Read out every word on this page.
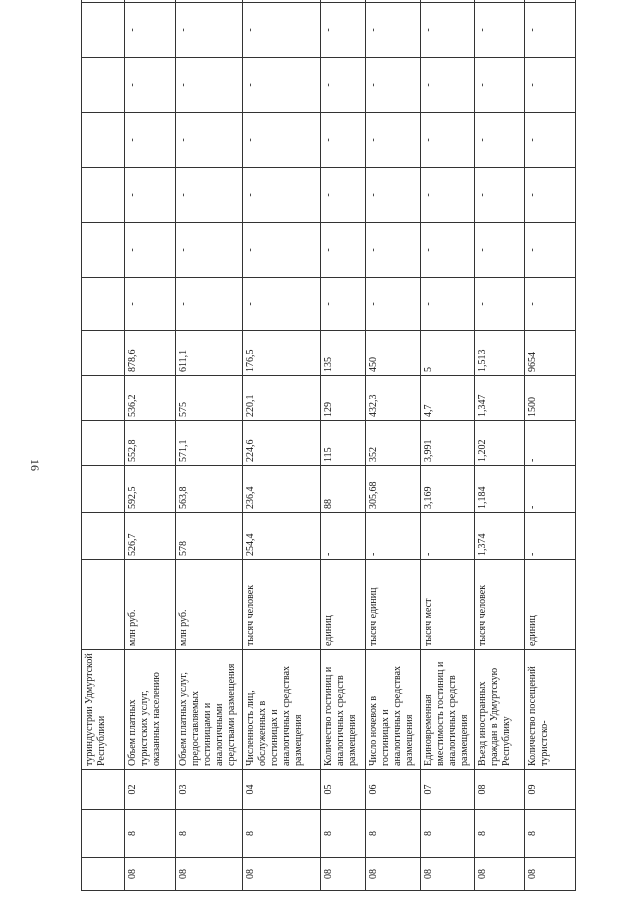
16
			туриндустрии Удмуртской Республики													
08	8	02	Объем платных туристских услуг, оказанных населению	млн руб.	526,7	592,5	552,8	536,2	878,6	-	-	-	-	-	-	
08	8	03	Объем платных услуг, предоставляемых гостиницами и аналогичными средствами размещения	млн руб.	578	563,8	571,1	575	611,1	-	-	-	-	-	-	
08	8	04	Численность лиц, обслуженных в гостиницах и аналогичных средствах размещения	тысяч человек	254,4	236,4	224,6	220,1	176,5	-	-	-	-	-	-	
08	8	05	Количество гостиниц и аналогичных средств размещения	единиц	-	88	115	129	135	-	-	-	-	-	-	
08	8	06	Число ночевок в гостиницах и аналогичных средствах размещения	тысяч единиц	-	305,68	352	432,3	450	-	-	-	-	-	-	
08	8	07	Единовременная вместимость гостиниц и аналогичных средств размещения	тысяч мест	-	3,169	3,991	4,7	5	-	-	-	-	-	-	
08	8	08	Въезд иностранных граждан в Удмуртскую Республику	тысяч человек	1,374	1,184	1,202	1,347	1,513	-	-	-	-	-	-	
08	8	09	Количество посещений туристско-	единиц	-	-	-	1500	9654	-	-	-	-	-	-	
